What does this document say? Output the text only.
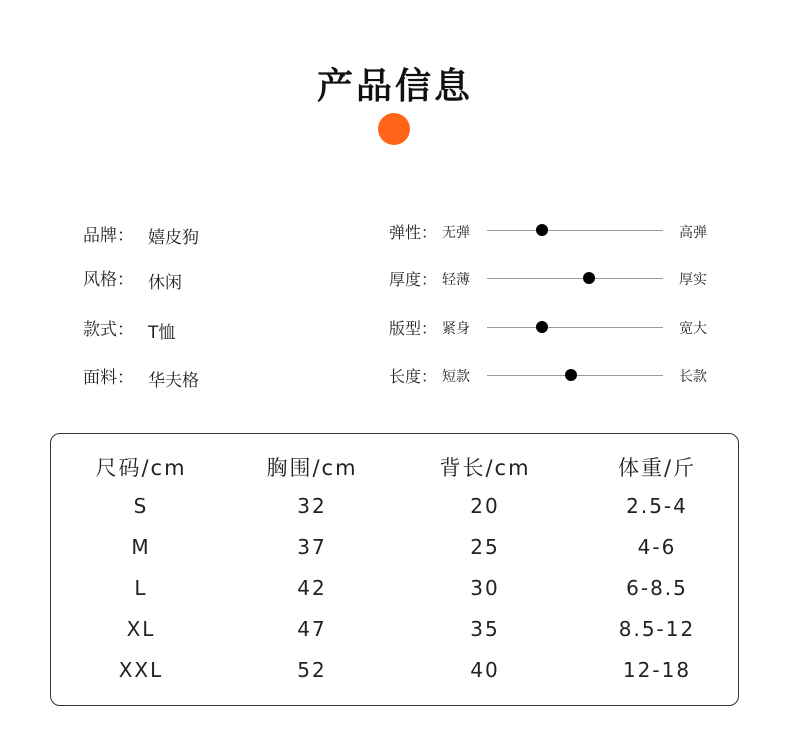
产品信息
品牌： 嬉皮狗
风格： 休闲
款式： T恤
面料： 华夫格
弹性： 无弹	高弹
厚度： 轻薄	厚实
版型： 紧身	宽大
长度： 短款	长款
尺码/cm	胸围/cm	背长/cm	体重/斤
S	32	20	2.5-4
M	37	25	4-6
L	42	30	6-8.5
XL	47	35	8.5-12
XXL	52	40	12-18
